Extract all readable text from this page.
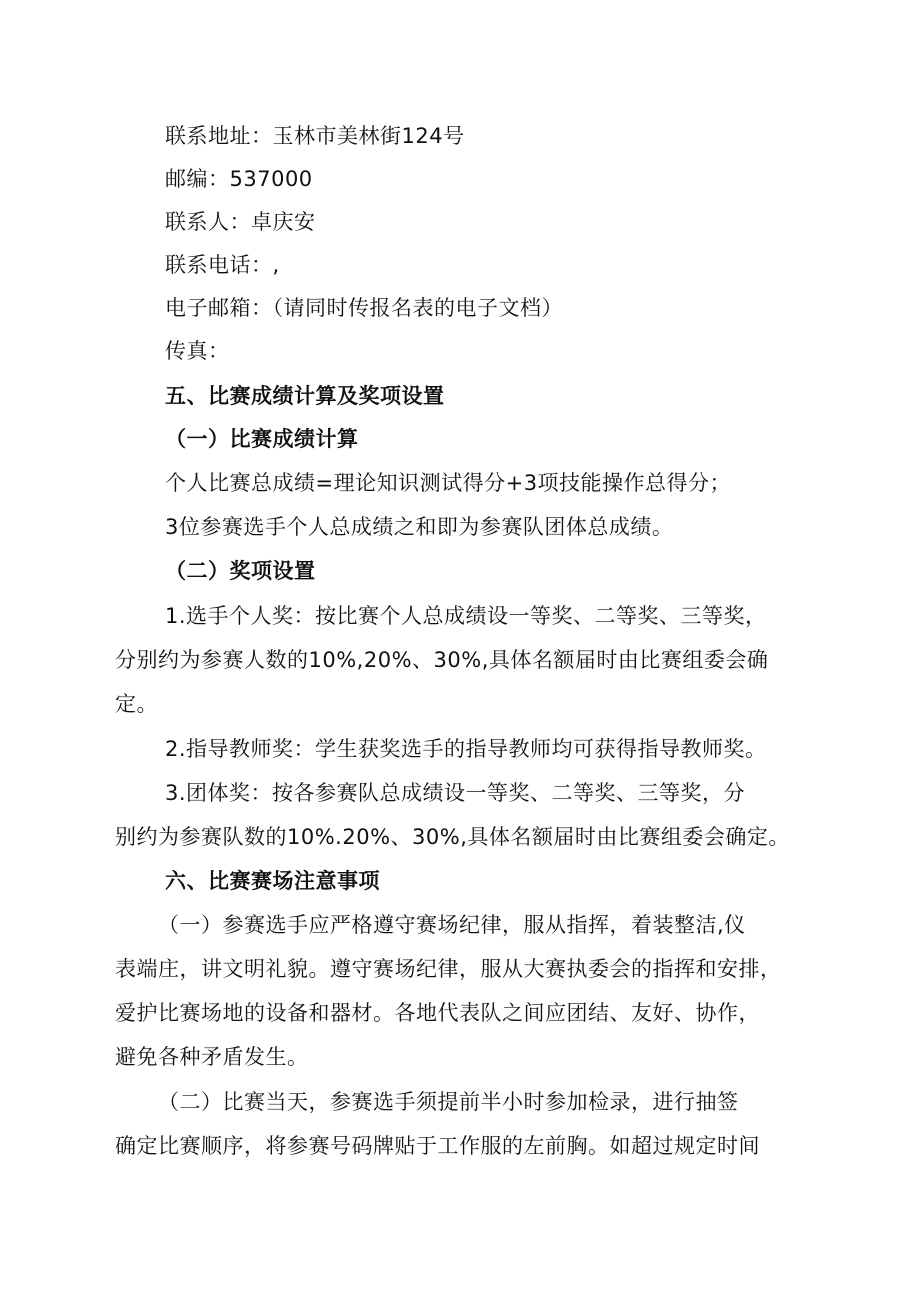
联系地址：玉林市美林街124号
邮编：537000
联系人：卓庆安
联系电话：,
电子邮箱：（请同时传报名表的电子文档）
传真：
五、比赛成绩计算及奖项设置
（一）比赛成绩计算
个人比赛总成绩=理论知识测试得分+3项技能操作总得分；
3位参赛选手个人总成绩之和即为参赛队团体总成绩。
（二）奖项设置
1.选手个人奖：按比赛个人总成绩设一等奖、二等奖、三等奖，
分别约为参赛人数的10%,20%、30%,具体名额届时由比赛组委会确
定。
2.指导教师奖：学生获奖选手的指导教师均可获得指导教师奖。
3.团体奖：按各参赛队总成绩设一等奖、二等奖、三等奖，分
别约为参赛队数的10%.20%、30%,具体名额届时由比赛组委会确定。
六、比赛赛场注意事项
（一）参赛选手应严格遵守赛场纪律，服从指挥，着装整洁,仪
表端庄，讲文明礼貌。遵守赛场纪律，服从大赛执委会的指挥和安排，
爱护比赛场地的设备和器材。各地代表队之间应团结、友好、协作，
避免各种矛盾发生。
（二）比赛当天，参赛选手须提前半小时参加检录，进行抽签
确定比赛顺序，将参赛号码牌贴于工作服的左前胸。如超过规定时间
